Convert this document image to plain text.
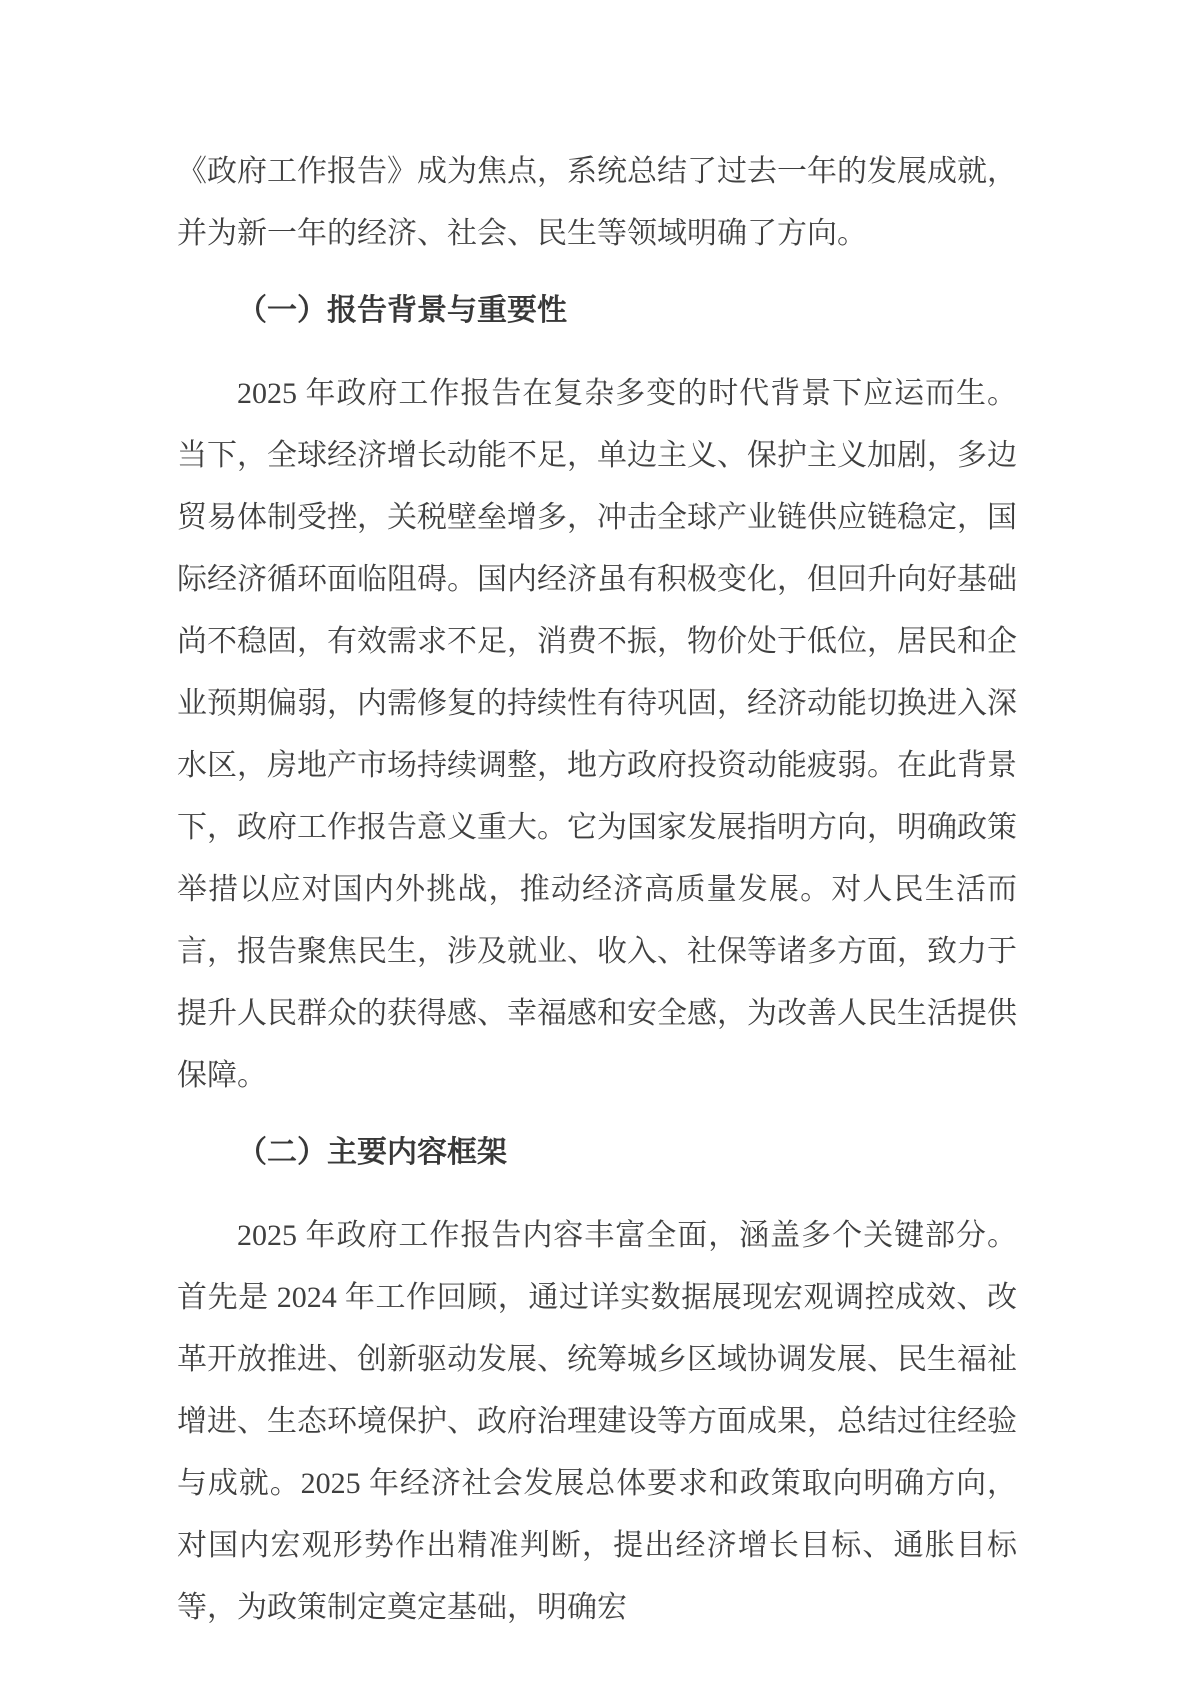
《政府工作报告》成为焦点，系统总结了过去一年的发展成就，并为新一年的经济、社会、民生等领域明确了方向。

（一）报告背景与重要性

2025 年政府工作报告在复杂多变的时代背景下应运而生。当下，全球经济增长动能不足，单边主义、保护主义加剧，多边贸易体制受挫，关税壁垒增多，冲击全球产业链供应链稳定，国际经济循环面临阻碍。国内经济虽有积极变化，但回升向好基础尚不稳固，有效需求不足，消费不振，物价处于低位，居民和企业预期偏弱，内需修复的持续性有待巩固，经济动能切换进入深水区，房地产市场持续调整，地方政府投资动能疲弱。在此背景下，政府工作报告意义重大。它为国家发展指明方向，明确政策举措以应对国内外挑战，推动经济高质量发展。对人民生活而言，报告聚焦民生，涉及就业、收入、社保等诸多方面，致力于提升人民群众的获得感、幸福感和安全感，为改善人民生活提供保障。

（二）主要内容框架

2025 年政府工作报告内容丰富全面，涵盖多个关键部分。首先是 2024 年工作回顾，通过详实数据展现宏观调控成效、改革开放推进、创新驱动发展、统筹城乡区域协调发展、民生福祉增进、生态环境保护、政府治理建设等方面成果，总结过往经验与成就。2025 年经济社会发展总体要求和政策取向明确方向，对国内宏观形势作出精准判断，提出经济增长目标、通胀目标等，为政策制定奠定基础，明确宏
